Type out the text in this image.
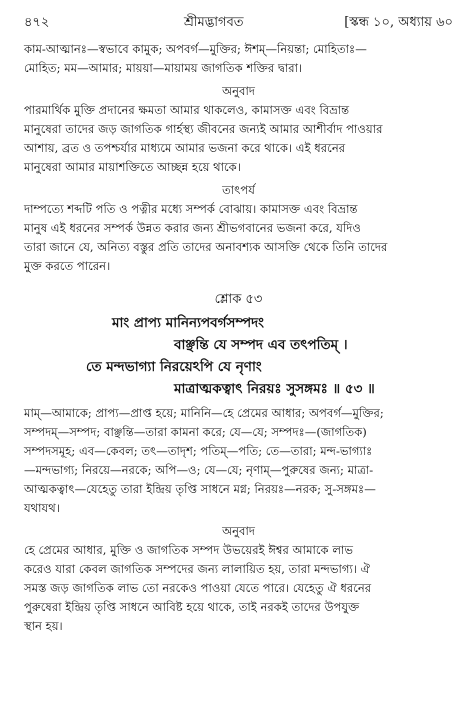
৪৭২	শ্রীমদ্ভাগবত	[স্কন্ধ ১০, অধ্যায় ৬০

কাম-আত্মানঃ—স্বভাবে কামুক; অপবর্গ—মুক্তির; ঈশম্—নিয়ন্তা; মোহিতাঃ—

মোহিত; মম—আমার; মায়য়া—মায়াময় জাগতিক শক্তির দ্বারা।

অনুবাদ

পারমার্থিক মুক্তি প্রদানের ক্ষমতা আমার থাকলেও, কামাসক্ত এবং বিভ্রান্ত

মানুষেরা তাদের জড় জাগতিক গার্হস্থ্য জীবনের জন্যই আমার আশীর্বাদ পাওয়ার

আশায়, ব্রত ও তপশ্চর্যার মাধ্যমে আমার ভজনা করে থাকে। এই ধরনের

মানুষেরা আমার মায়াশক্তিতে আচ্ছন্ন হয়ে থাকে।

তাৎপর্য

দাম্পত্যে শব্দটি পতি ও পত্নীর মধ্যে সম্পর্ক বোঝায়। কামাসক্ত এবং বিভ্রান্ত

মানুষ এই ধরনের সম্পর্ক উন্নত করার জন্য শ্রীভগবানের ভজনা করে, যদিও

তারা জানে যে, অনিত্য বস্তুর প্রতি তাদের অনাবশ্যক আসক্তি থেকে তিনি তাদের

মুক্ত করতে পারেন।

শ্লোক ৫৩

মাং প্রাপ্য মানিন্যপবর্গসম্পদং

বাঞ্ছন্তি যে সম্পদ এব তৎপতিম্ ।

তে মন্দভাগ্যা নিরয়েঽপি যে নৃণাং

মাত্রাত্মকত্বাৎ নিরয়ঃ সুসঙ্গমঃ ॥ ৫৩ ॥

মাম্—আমাকে; প্রাপ্য—প্রাপ্ত হয়ে; মানিনি—হে প্রেমের আধার; অপবর্গ—মুক্তির;

সম্পদম্—সম্পদ; বাঞ্ছন্তি—তারা কামনা করে; যে—যে; সম্পদঃ—(জাগতিক)

সম্পদসমূহ; এব—কেবল; তৎ—তাদৃশ; পতিম্—পতি; তে—তারা; মন্দ-ভাগ্যাঃ

—মন্দভাগ্য; নিরয়ে—নরকে; অপি—ও; যে—যে; নৃণাম্—পুরুষের জন্য; মাত্রা-

আত্মকত্বাৎ—যেহেতু তারা ইন্দ্রিয় তৃপ্তি সাধনে মগ্ন; নিরয়ঃ—নরক; সু-সঙ্গমঃ—

যথাযথ।

অনুবাদ

হে প্রেমের আধার, মুক্তি ও জাগতিক সম্পদ উভয়েরই ঈশ্বর আমাকে লাভ

করেও যারা কেবল জাগতিক সম্পদের জন্য লালায়িত হয়, তারা মন্দভাগ্য। ঐ

সমস্ত জড় জাগতিক লাভ তো নরকেও পাওয়া যেতে পারে। যেহেতু ঐ ধরনের

পুরুষেরা ইন্দ্রিয় তৃপ্তি সাধনে আবিষ্ট হয়ে থাকে, তাই নরকই তাদের উপযুক্ত

স্থান হয়।
